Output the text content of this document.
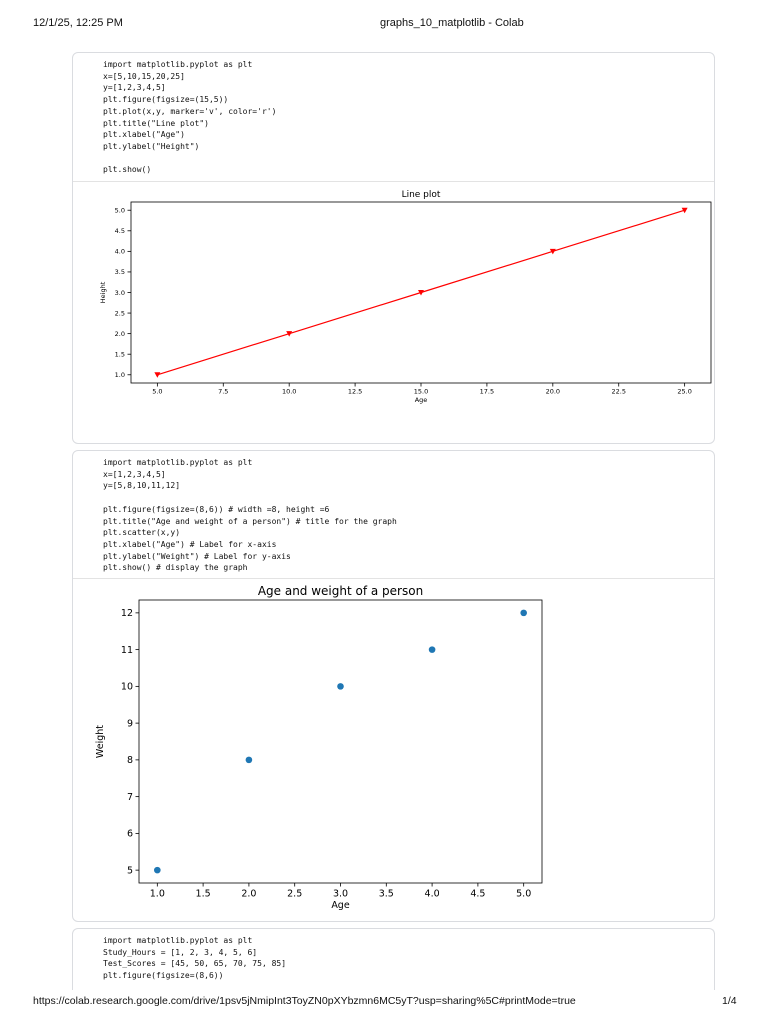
12/1/25, 12:25 PM	graphs_10_matplotlib - Colab
import matplotlib.pyplot as plt
x=[5,10,15,20,25]
y=[1,2,3,4,5]
plt.figure(figsize=(15,5))
plt.plot(x,y, marker='v', color='r')
plt.title("Line plot")
plt.xlabel("Age")
plt.ylabel("Height")

plt.show()
Line plot
5.0	7.5	10.0	12.5	15.0	17.5	20.0	22.5	25.0
1.0
1.5
2.0
2.5
3.0
3.5
4.0
4.5
5.0
Age
Height
import matplotlib.pyplot as plt
x=[1,2,3,4,5]
y=[5,8,10,11,12]

plt.figure(figsize=(8,6)) # width =8, height =6
plt.title("Age and weight of a person") # title for the graph
plt.scatter(x,y)
plt.xlabel("Age") # Label for x-axis
plt.ylabel("Weight") # Label for y-axis
plt.show() # display the graph
Age and weight of a person
1.0	1.5	2.0	2.5	3.0	3.5	4.0	4.5	5.0
5
6
7
8
9
10
11
12
Age
Weight
import matplotlib.pyplot as plt
Study_Hours = [1, 2, 3, 4, 5, 6]
Test_Scores = [45, 50, 65, 70, 75, 85]
plt.figure(figsize=(8,6))
https://colab.research.google.com/drive/1psv5jNmipInt3ToyZN0pXYbzmn6MC5yT?usp=sharing%5C#printMode=true	1/4
